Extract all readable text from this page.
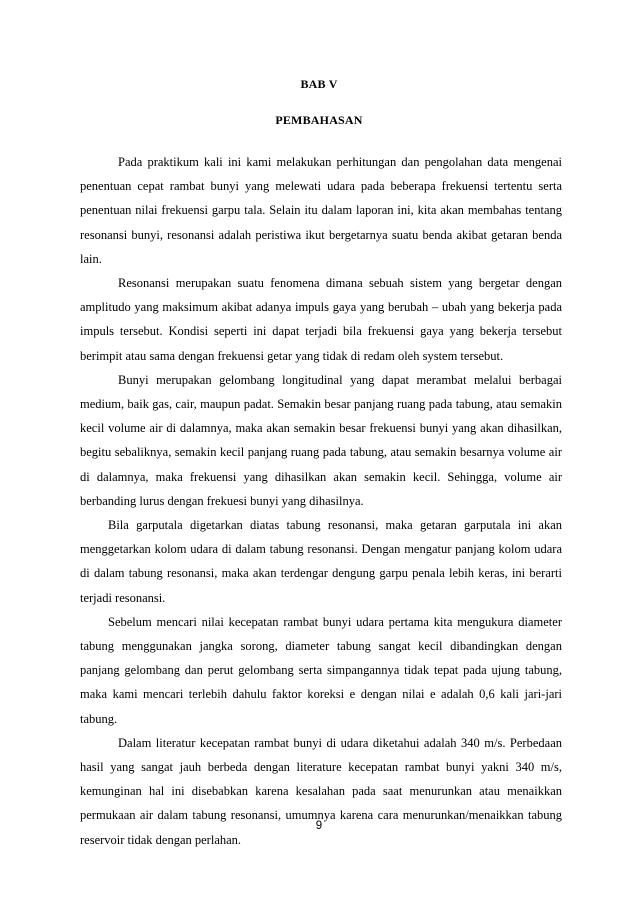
BAB V
PEMBAHASAN

Pada praktikum kali ini kami melakukan perhitungan dan pengolahan data mengenai penentuan cepat rambat bunyi yang melewati udara pada beberapa frekuensi tertentu serta penentuan nilai frekuensi garpu tala. Selain itu dalam laporan ini, kita akan membahas tentang resonansi bunyi, resonansi adalah peristiwa ikut bergetarnya suatu benda akibat getaran benda lain.

Resonansi merupakan suatu fenomena dimana sebuah sistem yang bergetar dengan amplitudo yang maksimum akibat adanya impuls gaya yang berubah – ubah yang bekerja pada impuls tersebut. Kondisi seperti ini dapat terjadi bila frekuensi gaya yang bekerja tersebut berimpit atau sama dengan frekuensi getar yang tidak di redam oleh system tersebut.

Bunyi merupakan gelombang longitudinal yang dapat merambat melalui berbagai medium, baik gas, cair, maupun padat. Semakin besar panjang ruang pada tabung, atau semakin kecil volume air di dalamnya, maka akan semakin besar frekuensi bunyi yang akan dihasilkan, begitu sebaliknya, semakin kecil panjang ruang pada tabung, atau semakin besarnya volume air di dalamnya, maka frekuensi yang dihasilkan akan semakin kecil. Sehingga, volume air berbanding lurus dengan frekuesi bunyi yang dihasilnya.

Bila garputala digetarkan diatas tabung resonansi, maka getaran garputala ini akan menggetarkan kolom udara di dalam tabung resonansi. Dengan mengatur panjang kolom udara di dalam tabung resonansi, maka akan terdengar dengung garpu penala lebih keras, ini berarti terjadi resonansi.

Sebelum mencari nilai kecepatan rambat bunyi udara pertama kita mengukura diameter tabung menggunakan jangka sorong, diameter tabung sangat kecil dibandingkan dengan panjang gelombang dan perut gelombang serta simpangannya tidak tepat pada ujung tabung, maka kami mencari terlebih dahulu faktor koreksi e dengan nilai e adalah 0,6 kali jari-jari tabung.

Dalam literatur kecepatan rambat bunyi di udara diketahui adalah 340 m/s. Perbedaan hasil yang sangat jauh berbeda dengan literature kecepatan rambat bunyi yakni 340 m/s, kemunginan hal ini disebabkan karena kesalahan pada saat menurunkan atau menaikkan permukaan air dalam tabung resonansi, umumnya karena cara menurunkan/menaikkan tabung reservoir tidak dengan perlahan.

9
